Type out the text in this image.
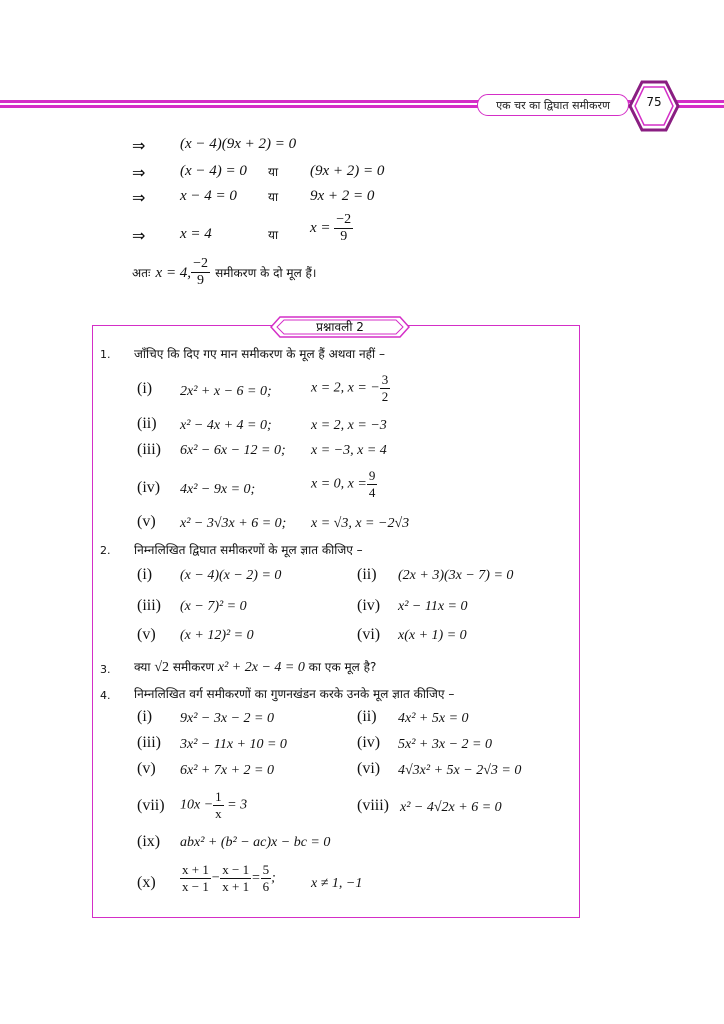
एक चर का द्विघात समीकरण	75
⇒ (x − 4)(9x + 2) = 0
⇒ (x − 4) = 0 या (9x + 2) = 0
⇒ x − 4 = 0	या 9x + 2 = 0
⇒ x = 4	या $x = \frac{-2}{9}$
अतः x = 4, $\frac{-2}{9}$ समीकरण के दो मूल हैं।
प्रश्नावली 2
1. जाँचिए कि दिए गए मान समीकरण के मूल हैं अथवा नहीं –
(i) 2x² + x − 6 = 0;	x = 2, x = − $\frac{3}{2}$
(ii) x² − 4x + 4 = 0;	x = 2, x = −3
(iii) 6x² − 6x − 12 = 0; x = −3, x = 4
(iv) 4x² − 9x = 0;	x = 0, $x = \frac{9}{4}$
(v) x² − 3√3x + 6 = 0; x = √3, x = −2√3
2. निम्नलिखित द्विघात समीकरणों के मूल ज्ञात कीजिए –
(i) (x − 4)(x − 2) = 0	(ii) (2x + 3)(3x − 7) = 0
(iii) (x − 7)² = 0	(iv) x² − 11x = 0
(v) (x + 12)² = 0	(vi) x(x + 1) = 0
3. क्या √2 समीकरण x² + 2x − 4 = 0 का एक मूल है?
4. निम्नलिखित वर्ग समीकरणों का गुणनखंडन करके उनके मूल ज्ञात कीजिए –
(i) 9x² − 3x − 2 = 0	(ii) 4x² + 5x = 0
(iii) 3x² − 11x + 10 = 0	(iv) 5x² + 3x − 2 = 0
(v) 6x² + 7x + 2 = 0	(vi) 4√3x² + 5x − 2√3 = 0
(vii) $10x - \frac{1}{x} = 3$	(viii) x² − 4√2x + 6 = 0
(ix) abx² + (b² − ac)x − bc = 0
$(x) \frac{x + 1}{x - 1} - \frac{x - 1}{x + 1} = \frac{5}{6}$ ;	x ≠ 1, −1
